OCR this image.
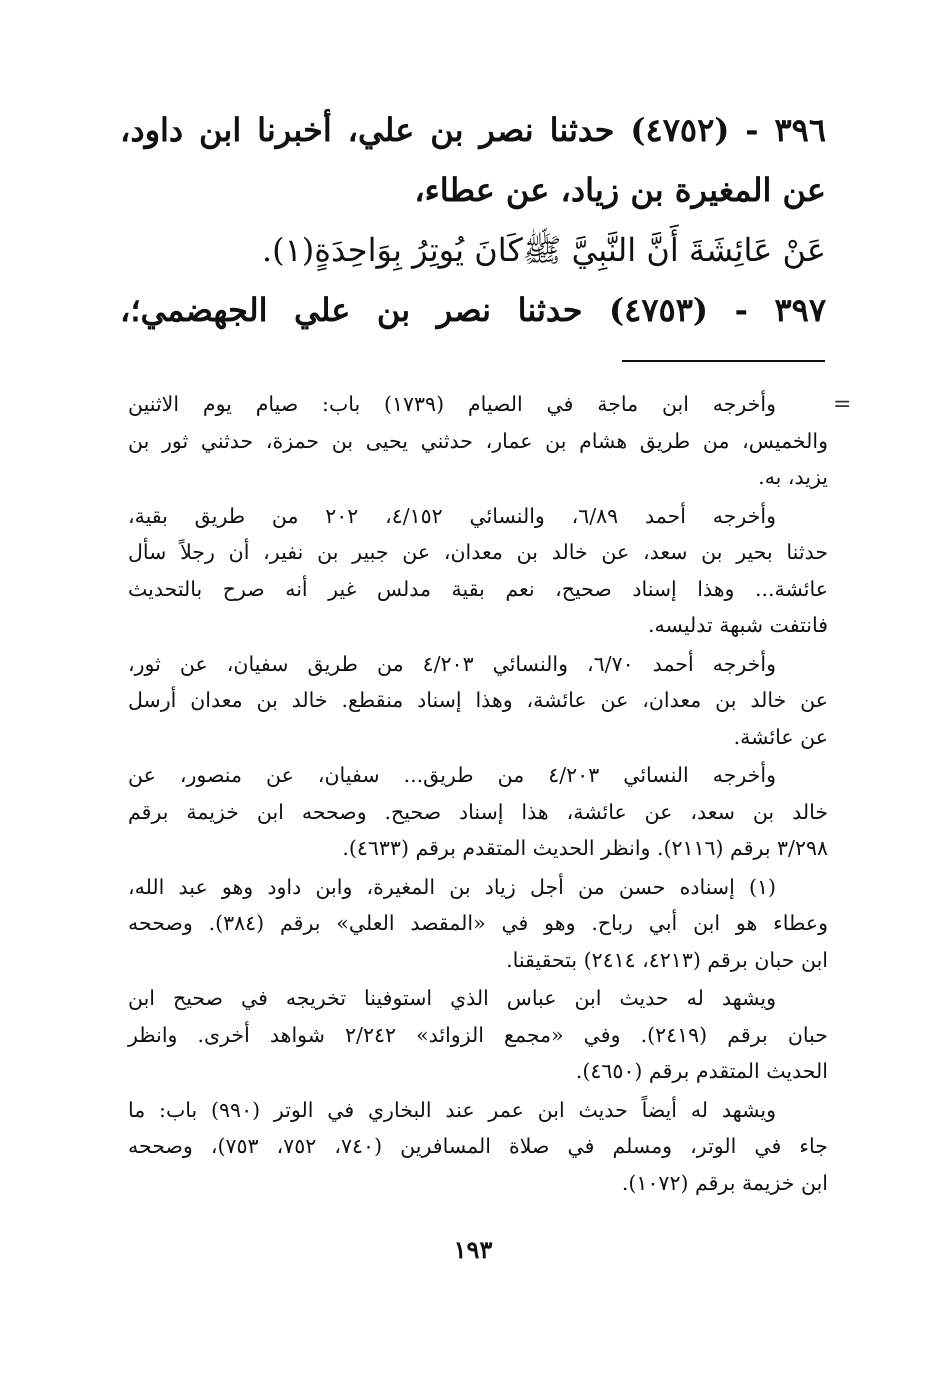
٣٩٦ - (٤٧٥٢) حدثنا نصر بن علي، أخبرنا ابن داود،
عن المغيرة بن زياد، عن عطاء،
عَنْ عَائِشَةَ أَنَّ النَّبِيَّ ﷺكَانَ يُوتِرُ بِوَاحِدَةٍ(١).
٣٩٧ - (٤٧٥٣) حدثنا نصر بن علي الجهضمي؛،
=
وأخرجه ابن ماجة في الصيام (١٧٣٩) باب: صيام يوم الاثنين
والخميس، من طريق هشام بن عمار، حدثني يحيى بن حمزة، حدثني ثور بن
يزيد، به.
وأخرجه أحمد ٦/٨٩، والنسائي ٤/١٥٢، ٢٠٢ من طريق بقية،
حدثنا بحير بن سعد، عن خالد بن معدان، عن جبير بن نفير، أن رجلاً سأل
عائشة... وهذا إسناد صحيح، نعم بقية مدلس غير أنه صرح بالتحديث
فانتفت شبهة تدليسه.
وأخرجه أحمد ٦/٧٠، والنسائي ٤/٢٠٣ من طريق سفيان، عن ثور،
عن خالد بن معدان، عن عائشة، وهذا إسناد منقطع. خالد بن معدان أرسل
عن عائشة.
وأخرجه النسائي ٤/٢٠٣ من طريق... سفيان، عن منصور، عن
خالد بن سعد، عن عائشة، هذا إسناد صحيح. وصححه ابن خزيمة برقم
٣/٢٩٨ برقم (٢١١٦). وانظر الحديث المتقدم برقم (٤٦٣٣).
(١) إسناده حسن من أجل زياد بن المغيرة، وابن داود وهو عبد الله،
وعطاء هو ابن أبي رباح. وهو في «المقصد العلي» برقم (٣٨٤). وصححه
ابن حبان برقم (٤٢١٣، ٢٤١٤) بتحقيقنا.
ويشهد له حديث ابن عباس الذي استوفينا تخريجه في صحيح ابن
حبان برقم (٢٤١٩). وفي «مجمع الزوائد» ٢/٢٤٢ شواهد أخرى. وانظر
الحديث المتقدم برقم (٤٦٥٠).
ويشهد له أيضاً حديث ابن عمر عند البخاري في الوتر (٩٩٠) باب: ما
جاء في الوتر، ومسلم في صلاة المسافرين (٧٤٠، ٧٥٢، ٧٥٣)، وصححه
ابن خزيمة برقم (١٠٧٢).
١٩٣
